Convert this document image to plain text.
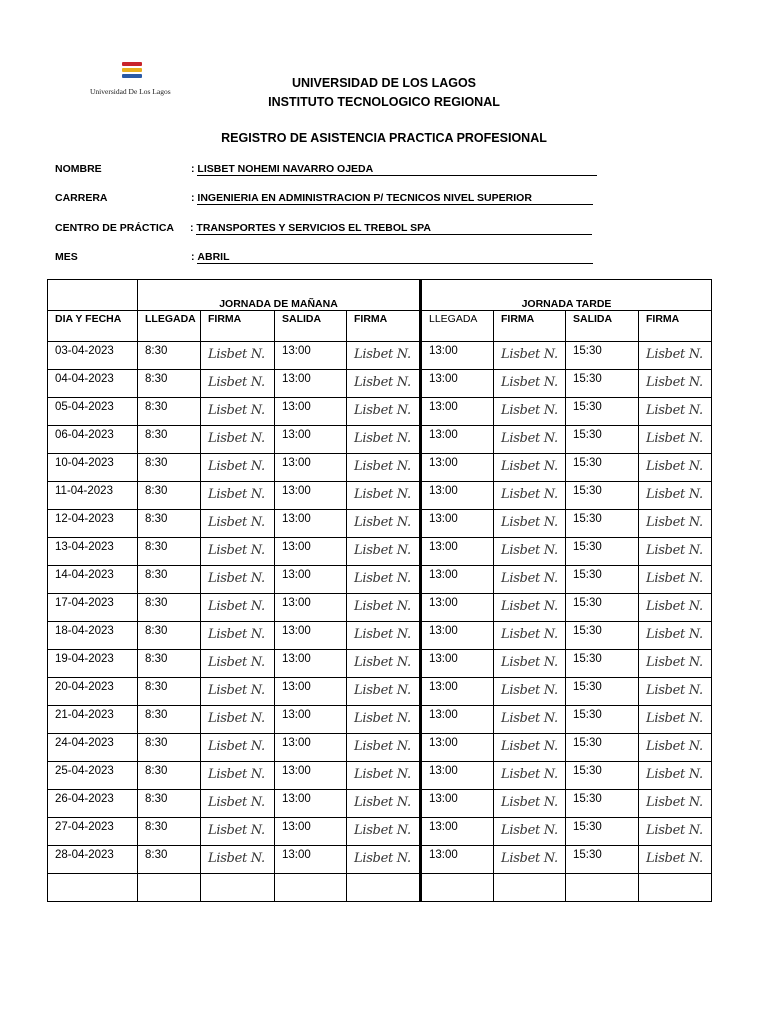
Universidad De Los Lagos
UNIVERSIDAD DE LOS LAGOS
INSTITUTO TECNOLOGICO REGIONAL
REGISTRO DE ASISTENCIA PRACTICA PROFESIONAL
NOMBRE	: LISBET NOHEMI NAVARRO OJEDA
CARRERA	: INGENIERIA EN ADMINISTRACION P/ TECNICOS NIVEL SUPERIOR
CENTRO DE PRÁCTICA : TRANSPORTES Y SERVICIOS EL TREBOL SPA
MES	: ABRIL
	JORNADA DE MAÑANA				JORNADA TARDE			
DIA Y FECHA	LLEGADA	FIRMA	SALIDA	FIRMA	LLEGADA	FIRMA	SALIDA	FIRMA
03-04-2023	8:30	Lisbet N.	13:00	Lisbet N.	13:00	Lisbet N.	15:30	Lisbet N.
04-04-2023	8:30	Lisbet N.	13:00	Lisbet N.	13:00	Lisbet N.	15:30	Lisbet N.
05-04-2023	8:30	Lisbet N.	13:00	Lisbet N.	13:00	Lisbet N.	15:30	Lisbet N.
06-04-2023	8:30	Lisbet N.	13:00	Lisbet N.	13:00	Lisbet N.	15:30	Lisbet N.
10-04-2023	8:30	Lisbet N.	13:00	Lisbet N.	13:00	Lisbet N.	15:30	Lisbet N.
11-04-2023	8:30	Lisbet N.	13:00	Lisbet N.	13:00	Lisbet N.	15:30	Lisbet N.
12-04-2023	8:30	Lisbet N.	13:00	Lisbet N.	13:00	Lisbet N.	15:30	Lisbet N.
13-04-2023	8:30	Lisbet N.	13:00	Lisbet N.	13:00	Lisbet N.	15:30	Lisbet N.
14-04-2023	8:30	Lisbet N.	13:00	Lisbet N.	13:00	Lisbet N.	15:30	Lisbet N.
17-04-2023	8:30	Lisbet N.	13:00	Lisbet N.	13:00	Lisbet N.	15:30	Lisbet N.
18-04-2023	8:30	Lisbet N.	13:00	Lisbet N.	13:00	Lisbet N.	15:30	Lisbet N.
19-04-2023	8:30	Lisbet N.	13:00	Lisbet N.	13:00	Lisbet N.	15:30	Lisbet N.
20-04-2023	8:30	Lisbet N.	13:00	Lisbet N.	13:00	Lisbet N.	15:30	Lisbet N.
21-04-2023	8:30	Lisbet N.	13:00	Lisbet N.	13:00	Lisbet N.	15:30	Lisbet N.
24-04-2023	8:30	Lisbet N.	13:00	Lisbet N.	13:00	Lisbet N.	15:30	Lisbet N.
25-04-2023	8:30	Lisbet N.	13:00	Lisbet N.	13:00	Lisbet N.	15:30	Lisbet N.
26-04-2023	8:30	Lisbet N.	13:00	Lisbet N.	13:00	Lisbet N.	15:30	Lisbet N.
27-04-2023	8:30	Lisbet N.	13:00	Lisbet N.	13:00	Lisbet N.	15:30	Lisbet N.
28-04-2023	8:30	Lisbet N.	13:00	Lisbet N.	13:00	Lisbet N.	15:30	Lisbet N.
